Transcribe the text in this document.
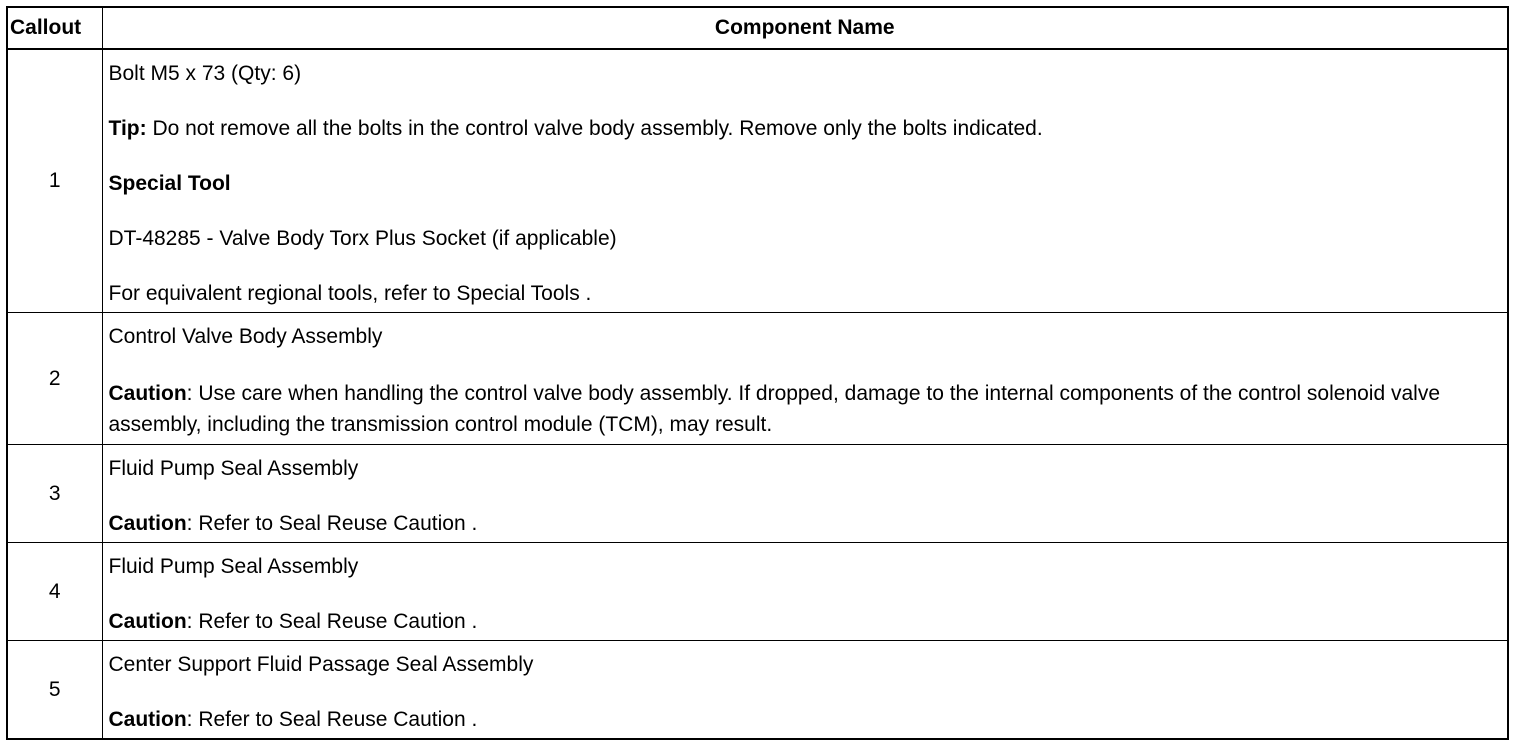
Callout	Component Name
1	Bolt M5 x 73 (Qty: 6)

Tip: Do not remove all the bolts in the control valve body assembly. Remove only the bolts indicated.

Special Tool

DT-48285 - Valve Body Torx Plus Socket (if applicable)

For equivalent regional tools, refer to Special Tools .

2	Control Valve Body Assembly

Caution: Use care when handling the control valve body assembly. If dropped, damage to the internal components of the control solenoid valve assembly, including the transmission control module (TCM), may result.

3	Fluid Pump Seal Assembly

Caution: Refer to Seal Reuse Caution .

4	Fluid Pump Seal Assembly

Caution: Refer to Seal Reuse Caution .

5	Center Support Fluid Passage Seal Assembly

Caution: Refer to Seal Reuse Caution .
